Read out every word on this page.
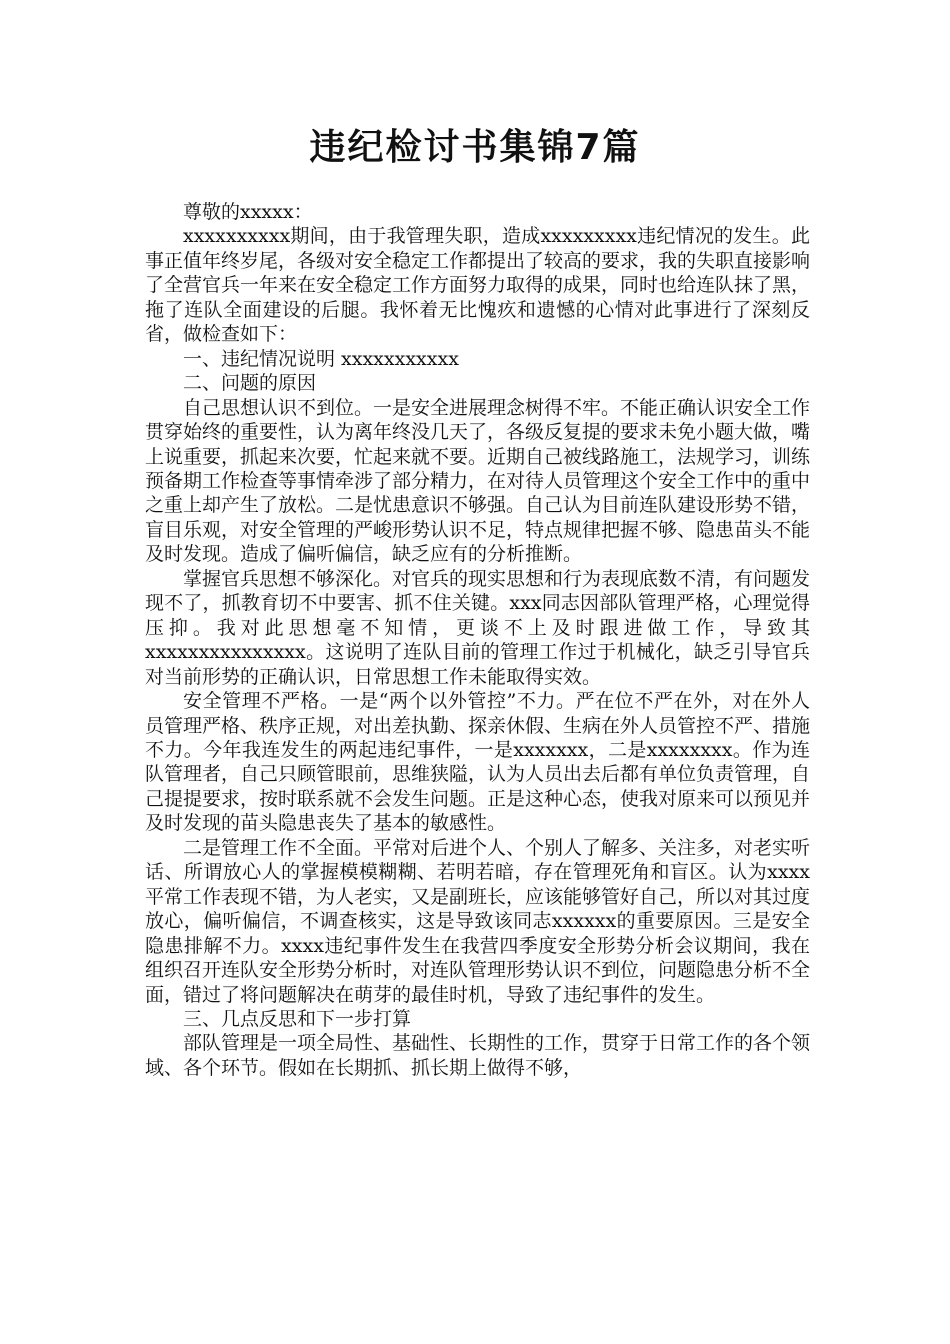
违纪检讨书集锦7篇

尊敬的xxxxx：

xxxxxxxxxx期间，由于我管理失职，造成xxxxxxxxx违纪情况的发生。此事正值年终岁尾，各级对安全稳定工作都提出了较高的要求，我的失职直接影响了全营官兵一年来在安全稳定工作方面努力取得的成果，同时也给连队抹了黑，拖了连队全面建设的后腿。我怀着无比愧疚和遗憾的心情对此事进行了深刻反省，做检查如下：

一、违纪情况说明 xxxxxxxxxxx

二、问题的原因

自己思想认识不到位。一是安全进展理念树得不牢。不能正确认识安全工作贯穿始终的重要性，认为离年终没几天了，各级反复提的要求未免小题大做，嘴上说重要，抓起来次要，忙起来就不要。近期自己被线路施工，法规学习，训练预备期工作检查等事情牵涉了部分精力，在对待人员管理这个安全工作中的重中之重上却产生了放松。二是忧患意识不够强。自己认为目前连队建设形势不错，盲目乐观，对安全管理的严峻形势认识不足，特点规律把握不够、隐患苗头不能及时发现。造成了偏听偏信，缺乏应有的分析推断。

掌握官兵思想不够深化。对官兵的现实思想和行为表现底数不清，有问题发现不了，抓教育切不中要害、抓不住关键。xxx同志因部队管理严格，心理觉得压抑。我对此思想毫不知情，更谈不上及时跟进做工作，导致其xxxxxxxxxxxxxxx。这说明了连队目前的管理工作过于机械化，缺乏引导官兵对当前形势的正确认识，日常思想工作未能取得实效。

安全管理不严格。一是“两个以外管控”不力。严在位不严在外，对在外人员管理严格、秩序正规，对出差执勤、探亲休假、生病在外人员管控不严、措施不力。今年我连发生的两起违纪事件，一是xxxxxxx，二是xxxxxxxx。作为连队管理者，自己只顾管眼前，思维狭隘，认为人员出去后都有单位负责管理，自己提提要求，按时联系就不会发生问题。正是这种心态，使我对原来可以预见并及时发现的苗头隐患丧失了基本的敏感性。

二是管理工作不全面。平常对后进个人、个别人了解多、关注多，对老实听话、所谓放心人的掌握模模糊糊、若明若暗，存在管理死角和盲区。认为xxxx平常工作表现不错，为人老实，又是副班长，应该能够管好自己，所以对其过度放心，偏听偏信，不调查核实，这是导致该同志xxxxxx的重要原因。三是安全隐患排解不力。xxxx违纪事件发生在我营四季度安全形势分析会议期间，我在组织召开连队安全形势分析时，对连队管理形势认识不到位，问题隐患分析不全面，错过了将问题解决在萌芽的最佳时机，导致了违纪事件的发生。

三、几点反思和下一步打算

部队管理是一项全局性、基础性、长期性的工作，贯穿于日常工作的各个领域、各个环节。假如在长期抓、抓长期上做得不够，
